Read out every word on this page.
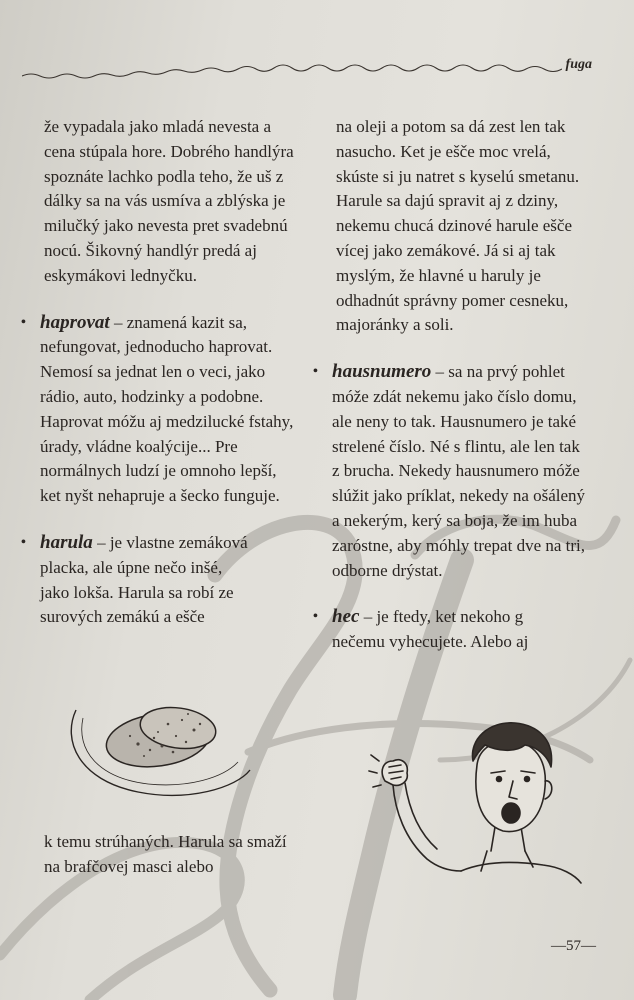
fuga

že vypadala jako mladá nevesta a cena stúpala hore. Dobrého handlýra spoznáte lachko podla teho, že uš z dálky sa na vás usmíva a zblýska je milučký jako nevesta pret svadebnú nocú. Šikovný handlýr predá aj eskymákovi lednyčku.

• haprovat – znamená kazit sa, nefungovat, jednoducho haprovat. Nemosí sa jednat len o veci, jako rádio, auto, hodzinky a podobne. Haprovat móžu aj medzilucké fstahy, úrady, vládne koalýcije... Pre normálnych ludzí je omnoho lepší, ket nyšt nehapruje a šecko funguje.
• harula – je vlastne zemáková placka, ale úpne nečo inšé, jako lokša. Harula sa robí ze surových zemákú a ešče

k temu strúhaných. Harula sa smaží na brafčovej masci alebo

na oleji a potom sa dá zest len tak nasucho. Ket je ešče moc vrelá, skúste si ju natret s kyselú smetanu. Harule sa dajú spravit aj z dziny, nekemu chucá dzinové harule ešče vícej jako zemákové. Já si aj tak myslým, že hlavné u haruly je odhadnút správny pomer cesneku, majoránky a soli.

• hausnumero – sa na prvý pohlet móže zdát nekemu jako číslo domu, ale neny to tak. Hausnumero je také strelené číslo. Né s flintu, ale len tak z brucha. Nekedy hausnumero móže slúžit jako príklat, nekedy na ošálený a nekerým, kerý sa boja, že im huba zaróstne, aby móhly trepat dve na tri, odborne drýstat.
• hec – je ftedy, ket nekoho g nečemu vyhecujete. Alebo aj
—57—
